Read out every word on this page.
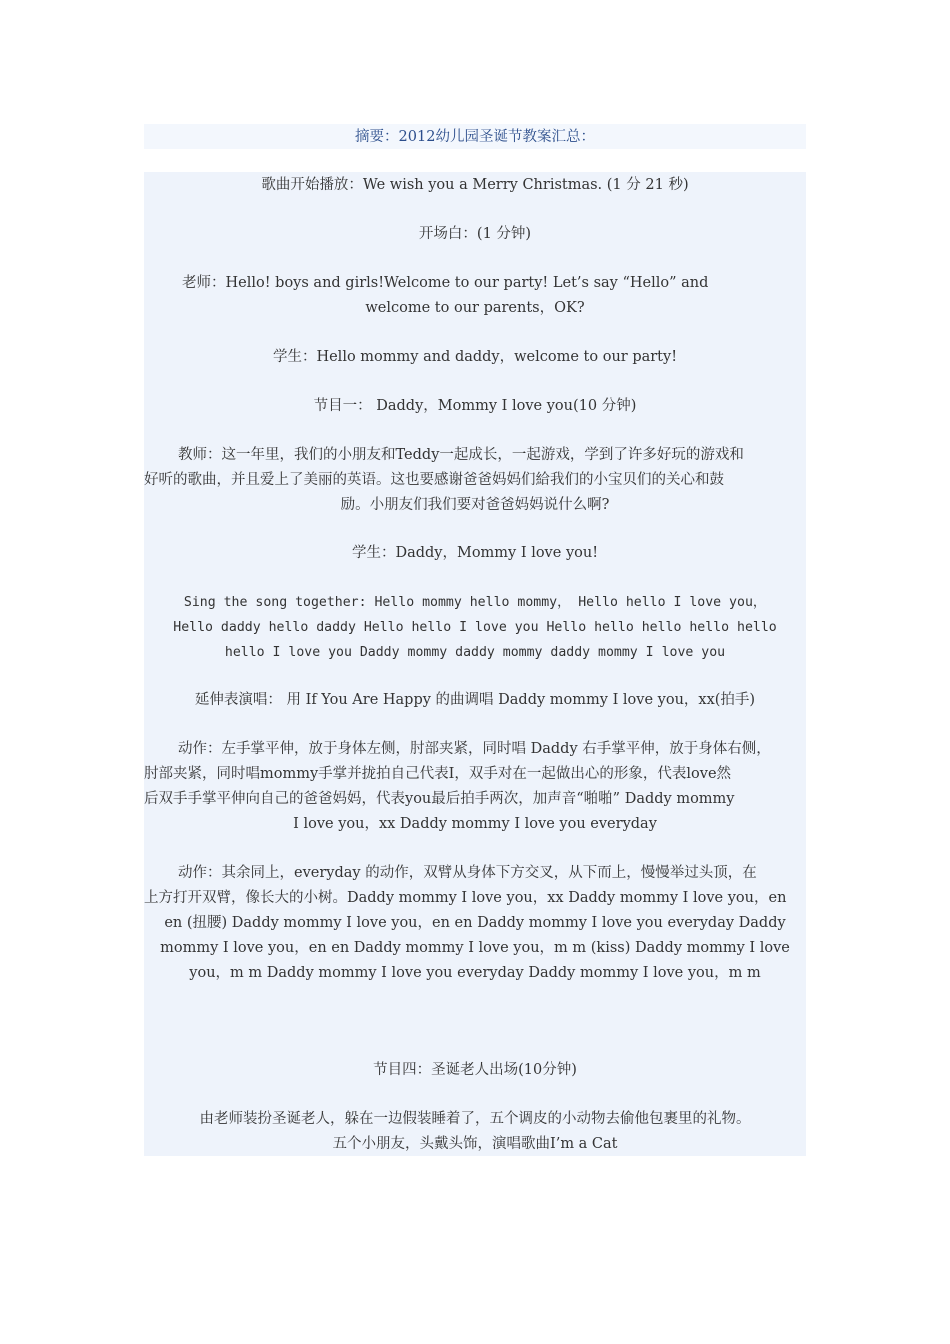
摘要：2012幼儿园圣诞节教案汇总：
歌曲开始播放：We wish you a Merry Christmas. (1 分 21 秒)
开场白：(1 分钟)
老师：Hello! boys and girls!Welcome to our party! Let’s say “Hello” and
welcome to our parents，OK?
学生：Hello mommy and daddy，welcome to our party!
节目一： Daddy，Mommy I love you(10 分钟)
教师：这一年里，我们的小朋友和Teddy一起成长，一起游戏，学到了许多好玩的游戏和
好听的歌曲，并且爱上了美丽的英语。这也要感谢爸爸妈妈们給我们的小宝贝们的关心和鼓
励。小朋友们我们要对爸爸妈妈说什么啊?
学生：Daddy，Mommy I love you!
Sing the song together: Hello mommy hello mommy， Hello hello I love you，
Hello daddy hello daddy Hello hello I love you Hello hello hello hello hello
hello I love you Daddy mommy daddy mommy daddy mommy I love you
延伸表演唱： 用 If You Are Happy 的曲调唱 Daddy mommy I love you，xx(拍手)
动作：左手掌平伸，放于身体左侧，肘部夹紧，同时唱 Daddy 右手掌平伸，放于身体右侧，
肘部夹紧，同时唱mommy手掌并拢拍自己代表I，双手对在一起做出心的形象，代表love然
后双手手掌平伸向自己的爸爸妈妈，代表you最后拍手两次，加声音“啪啪” Daddy mommy
I love you，xx Daddy mommy I love you everyday
动作：其余同上，everyday 的动作，双臂从身体下方交叉，从下而上，慢慢举过头顶，在
上方打开双臂，像长大的小树。Daddy mommy I love you，xx Daddy mommy I love you，en
en (扭腰) Daddy mommy I love you，en en Daddy mommy I love you everyday Daddy
mommy I love you，en en Daddy mommy I love you，m m (kiss) Daddy mommy I love
you，m m Daddy mommy I love you everyday Daddy mommy I love you，m m
节目四：圣诞老人出场(10分钟)
由老师装扮圣诞老人，躲在一边假装睡着了，五个调皮的小动物去偷他包裹里的礼物。
五个小朋友，头戴头饰，演唱歌曲I’m a Cat
